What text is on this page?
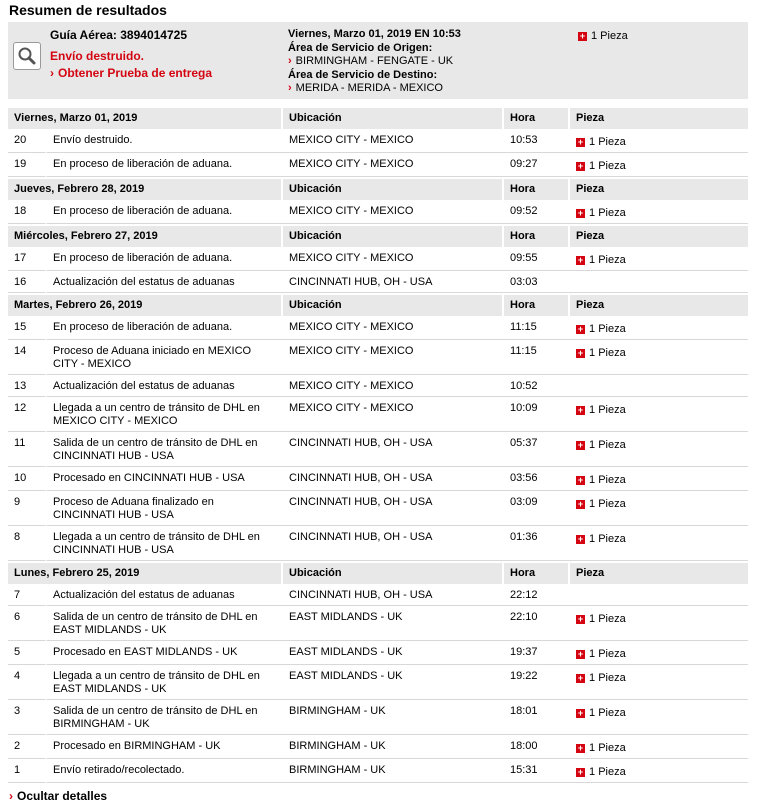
Resumen de resultados
Guía Aérea: 3894014725
Envío destruido.
› Obtener Prueba de entrega
Viernes, Marzo 01, 2019 EN 10:53
Área de Servicio de Origen:
› BIRMINGHAM - FENGATE - UK
Área de Servicio de Destino:
› MERIDA - MERIDA - MEXICO
+ 1 Pieza
Viernes, Marzo 01, 2019		Ubicación	Hora	Pieza
20	Envío destruido.	MEXICO CITY - MEXICO	10:53	+ 1 Pieza
19	En proceso de liberación de aduana.	MEXICO CITY - MEXICO	09:27	+ 1 Pieza
Jueves, Febrero 28, 2019		Ubicación	Hora	Pieza
18	En proceso de liberación de aduana.	MEXICO CITY - MEXICO	09:52	+ 1 Pieza
Miércoles, Febrero 27, 2019		Ubicación	Hora	Pieza
17	En proceso de liberación de aduana.	MEXICO CITY - MEXICO	09:55	+ 1 Pieza
16	Actualización del estatus de aduanas	CINCINNATI HUB, OH - USA	03:03	
Martes, Febrero 26, 2019		Ubicación	Hora	Pieza
15	En proceso de liberación de aduana.	MEXICO CITY - MEXICO	11:15	+ 1 Pieza
14	Proceso de Aduana iniciado en MEXICO CITY - MEXICO	MEXICO CITY - MEXICO	11:15	+ 1 Pieza
13	Actualización del estatus de aduanas	MEXICO CITY - MEXICO	10:52	
12	Llegada a un centro de tránsito de DHL en MEXICO CITY - MEXICO	MEXICO CITY - MEXICO	10:09	+ 1 Pieza
11	Salida de un centro de tránsito de DHL en CINCINNATI HUB - USA	CINCINNATI HUB, OH - USA	05:37	+ 1 Pieza
10	Procesado en CINCINNATI HUB - USA	CINCINNATI HUB, OH - USA	03:56	+ 1 Pieza
9	Proceso de Aduana finalizado en CINCINNATI HUB - USA	CINCINNATI HUB, OH - USA	03:09	+ 1 Pieza
8	Llegada a un centro de tránsito de DHL en CINCINNATI HUB - USA	CINCINNATI HUB, OH - USA	01:36	+ 1 Pieza
Lunes, Febrero 25, 2019		Ubicación	Hora	Pieza
7	Actualización del estatus de aduanas	CINCINNATI HUB, OH - USA	22:12	
6	Salida de un centro de tránsito de DHL en EAST MIDLANDS - UK	EAST MIDLANDS - UK	22:10	+ 1 Pieza
5	Procesado en EAST MIDLANDS - UK	EAST MIDLANDS - UK	19:37	+ 1 Pieza
4	Llegada a un centro de tránsito de DHL en EAST MIDLANDS - UK	EAST MIDLANDS - UK	19:22	+ 1 Pieza
3	Salida de un centro de tránsito de DHL en BIRMINGHAM - UK	BIRMINGHAM - UK	18:01	+ 1 Pieza
2	Procesado en BIRMINGHAM - UK	BIRMINGHAM - UK	18:00	+ 1 Pieza
1	Envío retirado/recolectado.	BIRMINGHAM - UK	15:31	+ 1 Pieza
› Ocultar detalles
